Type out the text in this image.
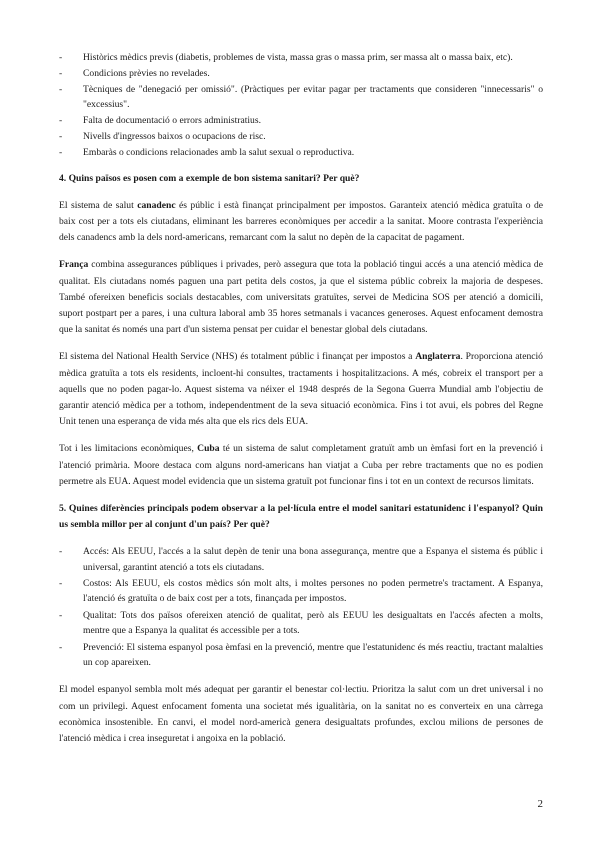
- Històrics mèdics previs (diabetis, problemes de vista, massa gras o massa prim, ser massa alt o massa baix, etc).
- Condicions prèvies no revelades.
- Tècniques de "denegació per omissió". (Pràctiques per evitar pagar per tractaments que consideren "innecessaris" o "excessius".
- Falta de documentació o errors administratius.
- Nivells d'ingressos baixos o ocupacions de risc.
- Embaràs o condicions relacionades amb la salut sexual o reproductiva.
4. Quins països es posen com a exemple de bon sistema sanitari? Per què?

El sistema de salut canadenc és públic i està finançat principalment per impostos. Garanteix atenció mèdica gratuïta o de baix cost per a tots els ciutadans, eliminant les barreres econòmiques per accedir a la sanitat. Moore contrasta l'experiència dels canadencs amb la dels nord-americans, remarcant com la salut no depèn de la capacitat de pagament.

França combina assegurances públiques i privades, però assegura que tota la població tingui accés a una atenció mèdica de qualitat. Els ciutadans només paguen una part petita dels costos, ja que el sistema públic cobreix la majoria de despeses. També ofereixen beneficis socials destacables, com universitats gratuïtes, servei de Medicina SOS per atenció a domicili, suport postpart per a pares, i una cultura laboral amb 35 hores setmanals i vacances generoses. Aquest enfocament demostra que la sanitat és només una part d'un sistema pensat per cuidar el benestar global dels ciutadans.

El sistema del National Health Service (NHS) és totalment públic i finançat per impostos a Anglaterra. Proporciona atenció mèdica gratuïta a tots els residents, incloent-hi consultes, tractaments i hospitalitzacions. A més, cobreix el transport per a aquells que no poden pagar-lo. Aquest sistema va néixer el 1948 després de la Segona Guerra Mundial amb l'objectiu de garantir atenció mèdica per a tothom, independentment de la seva situació econòmica. Fins i tot avui, els pobres del Regne Unit tenen una esperança de vida més alta que els rics dels EUA.

Tot i les limitacions econòmiques, Cuba té un sistema de salut completament gratuït amb un èmfasi fort en la prevenció i l'atenció primària. Moore destaca com alguns nord-americans han viatjat a Cuba per rebre tractaments que no es podien permetre als EUA. Aquest model evidencia que un sistema gratuït pot funcionar fins i tot en un context de recursos limitats.

5. Quines diferències principals podem observar a la pel·lícula entre el model sanitari estatunidenc i l'espanyol? Quin us sembla millor per al conjunt d'un país? Per què?
- Accés: Als EEUU, l'accés a la salut depèn de tenir una bona assegurança, mentre que a Espanya el sistema és públic i universal, garantint atenció a tots els ciutadans.
- Costos: Als EEUU, els costos mèdics són molt alts, i moltes persones no poden permetre's tractament. A Espanya, l'atenció és gratuïta o de baix cost per a tots, finançada per impostos.
- Qualitat: Tots dos països ofereixen atenció de qualitat, però als EEUU les desigualtats en l'accés afecten a molts, mentre que a Espanya la qualitat és accessible per a tots.
- Prevenció: El sistema espanyol posa èmfasi en la prevenció, mentre que l'estatunidenc és més reactiu, tractant malalties un cop apareixen.

El model espanyol sembla molt més adequat per garantir el benestar col·lectiu. Prioritza la salut com un dret universal i no com un privilegi. Aquest enfocament fomenta una societat més igualitària, on la sanitat no es converteix en una càrrega econòmica insostenible. En canvi, el model nord-americà genera desigualtats profundes, exclou milions de persones de l'atenció mèdica i crea inseguretat i angoixa en la població.

2
